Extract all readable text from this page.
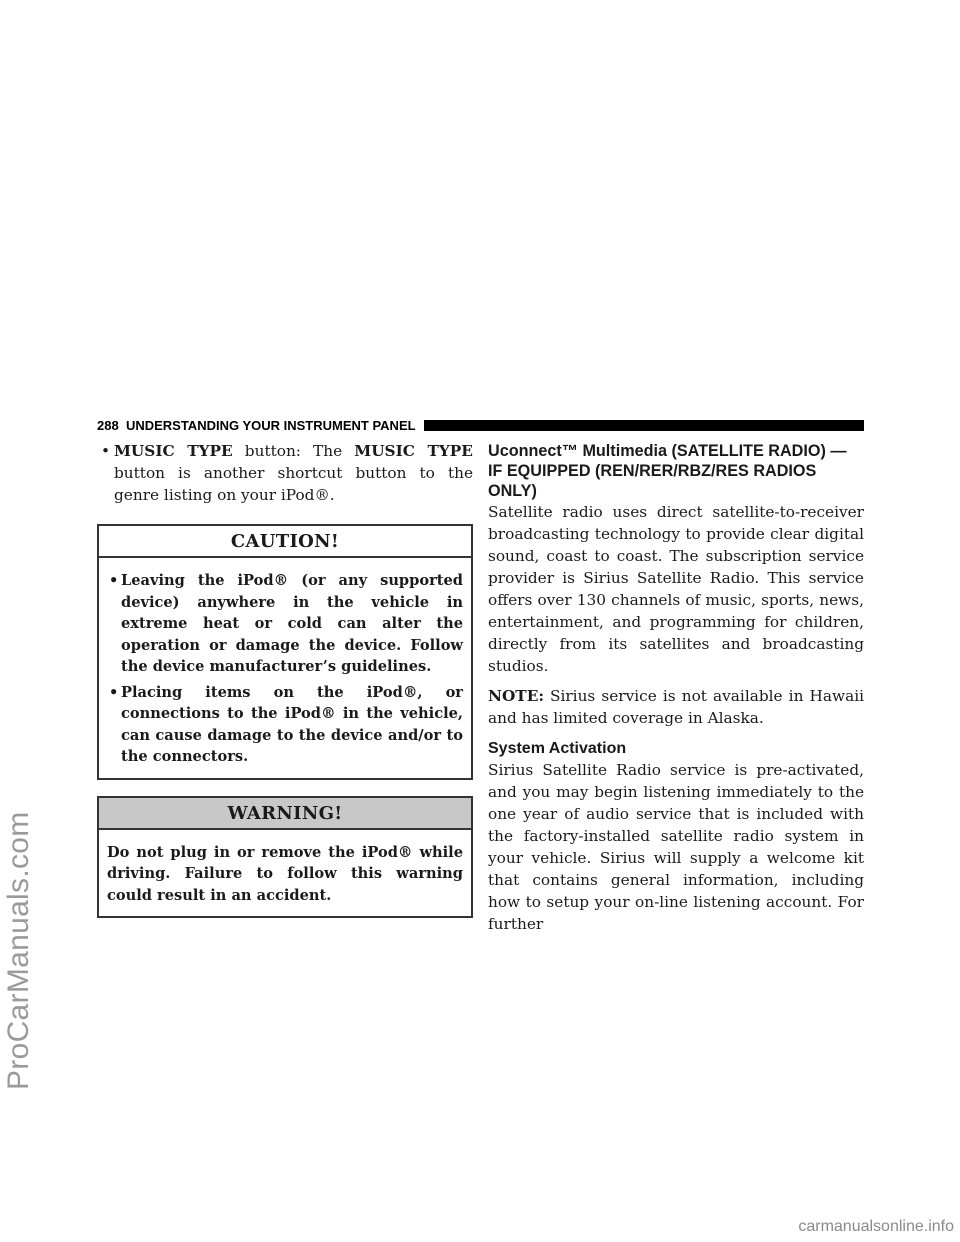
ProCarManuals.com
288 UNDERSTANDING YOUR INSTRUMENT PANEL
• MUSIC TYPE button: The MUSIC TYPE button is another shortcut button to the genre listing on your iPod®.
CAUTION!
• Leaving the iPod® (or any supported device) anywhere in the vehicle in extreme heat or cold can alter the operation or damage the device. Follow the device manufacturer’s guidelines.
• Placing items on the iPod®, or connections to the iPod® in the vehicle, can cause damage to the device and/or to the connectors.
WARNING!
Do not plug in or remove the iPod® while driving. Failure to follow this warning could result in an accident.
Uconnect™ Multimedia (SATELLITE RADIO) — IF EQUIPPED (REN/RER/RBZ/RES RADIOS ONLY)

Satellite radio uses direct satellite-to-receiver broadcasting technology to provide clear digital sound, coast to coast. The subscription service provider is Sirius Satellite Radio. This service offers over 130 channels of music, sports, news, entertainment, and programming for children, directly from its satellites and broadcasting studios.

NOTE: Sirius service is not available in Hawaii and has limited coverage in Alaska.

System Activation

Sirius Satellite Radio service is pre-activated, and you may begin listening immediately to the one year of audio service that is included with the factory-installed satellite radio system in your vehicle. Sirius will supply a welcome kit that contains general information, including how to setup your on-line listening account. For further

carmanualsonline.info
